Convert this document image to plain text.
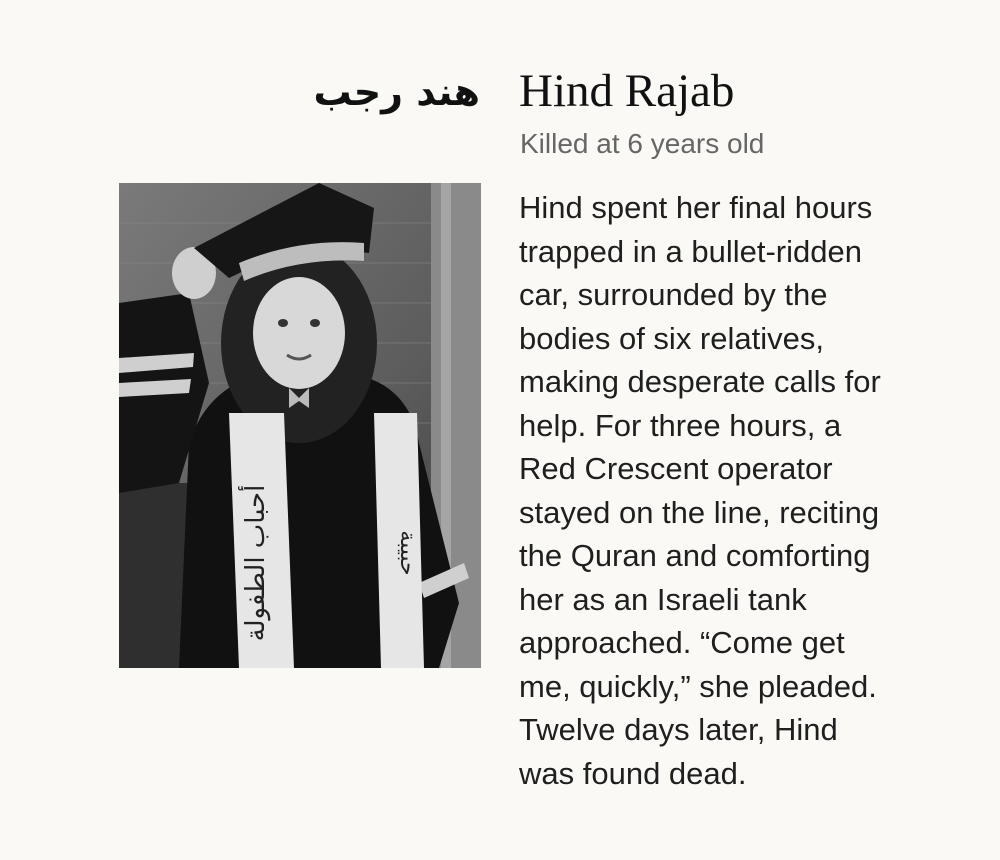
هند رجب Hind Rajab
Killed at 6 years old
أحباب الطفولة	حبيبة
Hind spent her final hours
trapped in a bullet-ridden
car, surrounded by the
bodies of six relatives,
making desperate calls for
help. For three hours, a
Red Crescent operator
stayed on the line, reciting
the Quran and comforting
her as an Israeli tank
approached. “Come get
me, quickly,” she pleaded.
Twelve days later, Hind
was found dead.
